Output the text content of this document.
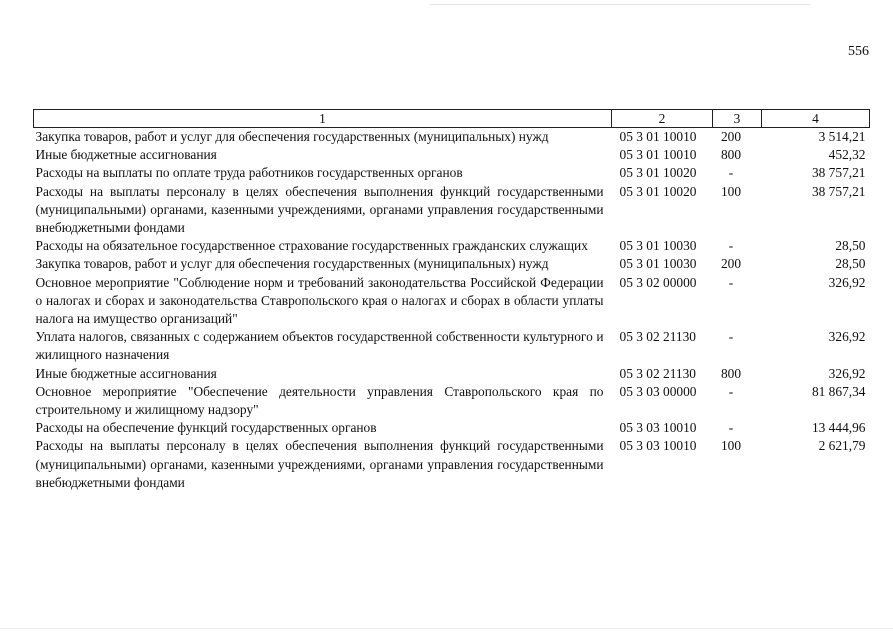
556
1	2	3	4
Закупка товаров, работ и услуг для обеспечения государственных (муниципальных) нужд	05 3 01 10010	200	3 514,21
Иные бюджетные ассигнования	05 3 01 10010	800	452,32
Расходы на выплаты по оплате труда работников государственных органов	05 3 01 10020	-	38 757,21
Расходы на выплаты персоналу в целях обеспечения выполнения функций государственными (муниципальными) органами, казенными учреждениями, органами управления государственными внебюджетными фондами	05 3 01 10020	100	38 757,21
Расходы на обязательное государственное страхование государственных гражданских служащих	05 3 01 10030	-	28,50
Закупка товаров, работ и услуг для обеспечения государственных (муниципальных) нужд	05 3 01 10030	200	28,50
Основное мероприятие "Соблюдение норм и требований законодательства Российской Федерации о налогах и сборах и законодательства Ставропольского края о налогах и сборах в области уплаты налога на имущество организаций"	05 3 02 00000	-	326,92
Уплата налогов, связанных с содержанием объектов государственной собственности культурного и жилищного назначения	05 3 02 21130	-	326,92
Иные бюджетные ассигнования	05 3 02 21130	800	326,92
Основное мероприятие "Обеспечение деятельности управления Ставропольского края по строительному и жилищному надзору"	05 3 03 00000	-	81 867,34
Расходы на обеспечение функций государственных органов	05 3 03 10010	-	13 444,96
Расходы на выплаты персоналу в целях обеспечения выполнения функций государственными (муниципальными) органами, казенными учреждениями, органами управления государственными внебюджетными фондами	05 3 03 10010	100	2 621,79
